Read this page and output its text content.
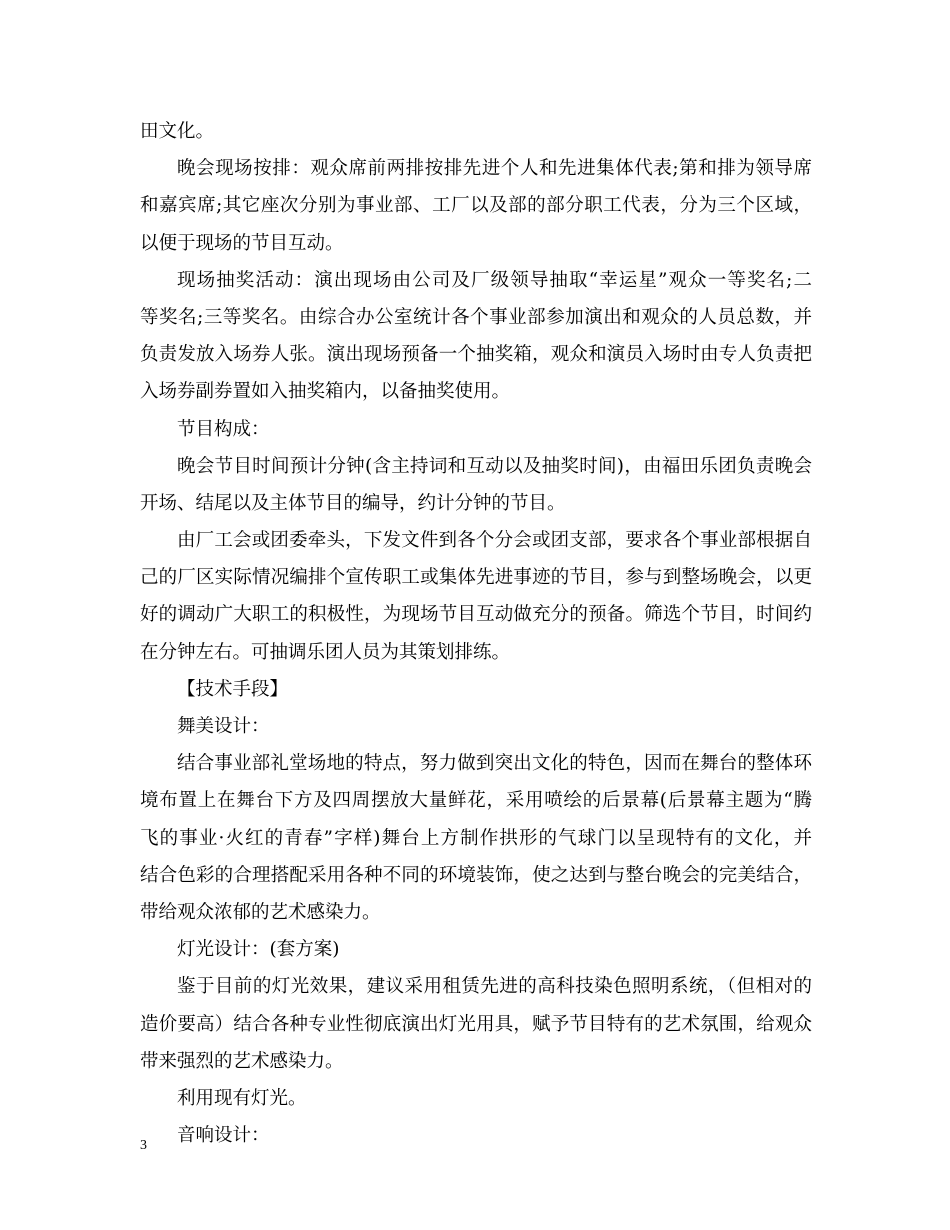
田文化。
晚会现场按排：观众席前两排按排先进个人和先进集体代表;第和排为领导席
和嘉宾席;其它座次分别为事业部、工厂以及部的部分职工代表，分为三个区域，
以便于现场的节目互动。
现场抽奖活动：演出现场由公司及厂级领导抽取“幸运星”观众一等奖名;二
等奖名;三等奖名。由综合办公室统计各个事业部参加演出和观众的人员总数，并
负责发放入场券人张。演出现场预备一个抽奖箱，观众和演员入场时由专人负责把
入场券副券置如入抽奖箱内，以备抽奖使用。
节目构成：
晚会节目时间预计分钟(含主持词和互动以及抽奖时间)，由福田乐团负责晚会
开场、结尾以及主体节目的编导，约计分钟的节目。
由厂工会或团委牵头，下发文件到各个分会或团支部，要求各个事业部根据自
己的厂区实际情况编排个宣传职工或集体先进事迹的节目，参与到整场晚会，以更
好的调动广大职工的积极性，为现场节目互动做充分的预备。筛选个节目，时间约
在分钟左右。可抽调乐团人员为其策划排练。
【技术手段】
舞美设计：
结合事业部礼堂场地的特点，努力做到突出文化的特色，因而在舞台的整体环
境布置上在舞台下方及四周摆放大量鲜花，采用喷绘的后景幕(后景幕主题为“腾
飞的事业·火红的青春”字样)舞台上方制作拱形的气球门以呈现特有的文化，并
结合色彩的合理搭配采用各种不同的环境装饰，使之达到与整台晚会的完美结合，
带给观众浓郁的艺术感染力。
灯光设计：(套方案)
鉴于目前的灯光效果，建议采用租赁先进的高科技染色照明系统，（但相对的
造价要高）结合各种专业性彻底演出灯光用具，赋予节目特有的艺术氛围，给观众
带来强烈的艺术感染力。
利用现有灯光。
音响设计：
3
